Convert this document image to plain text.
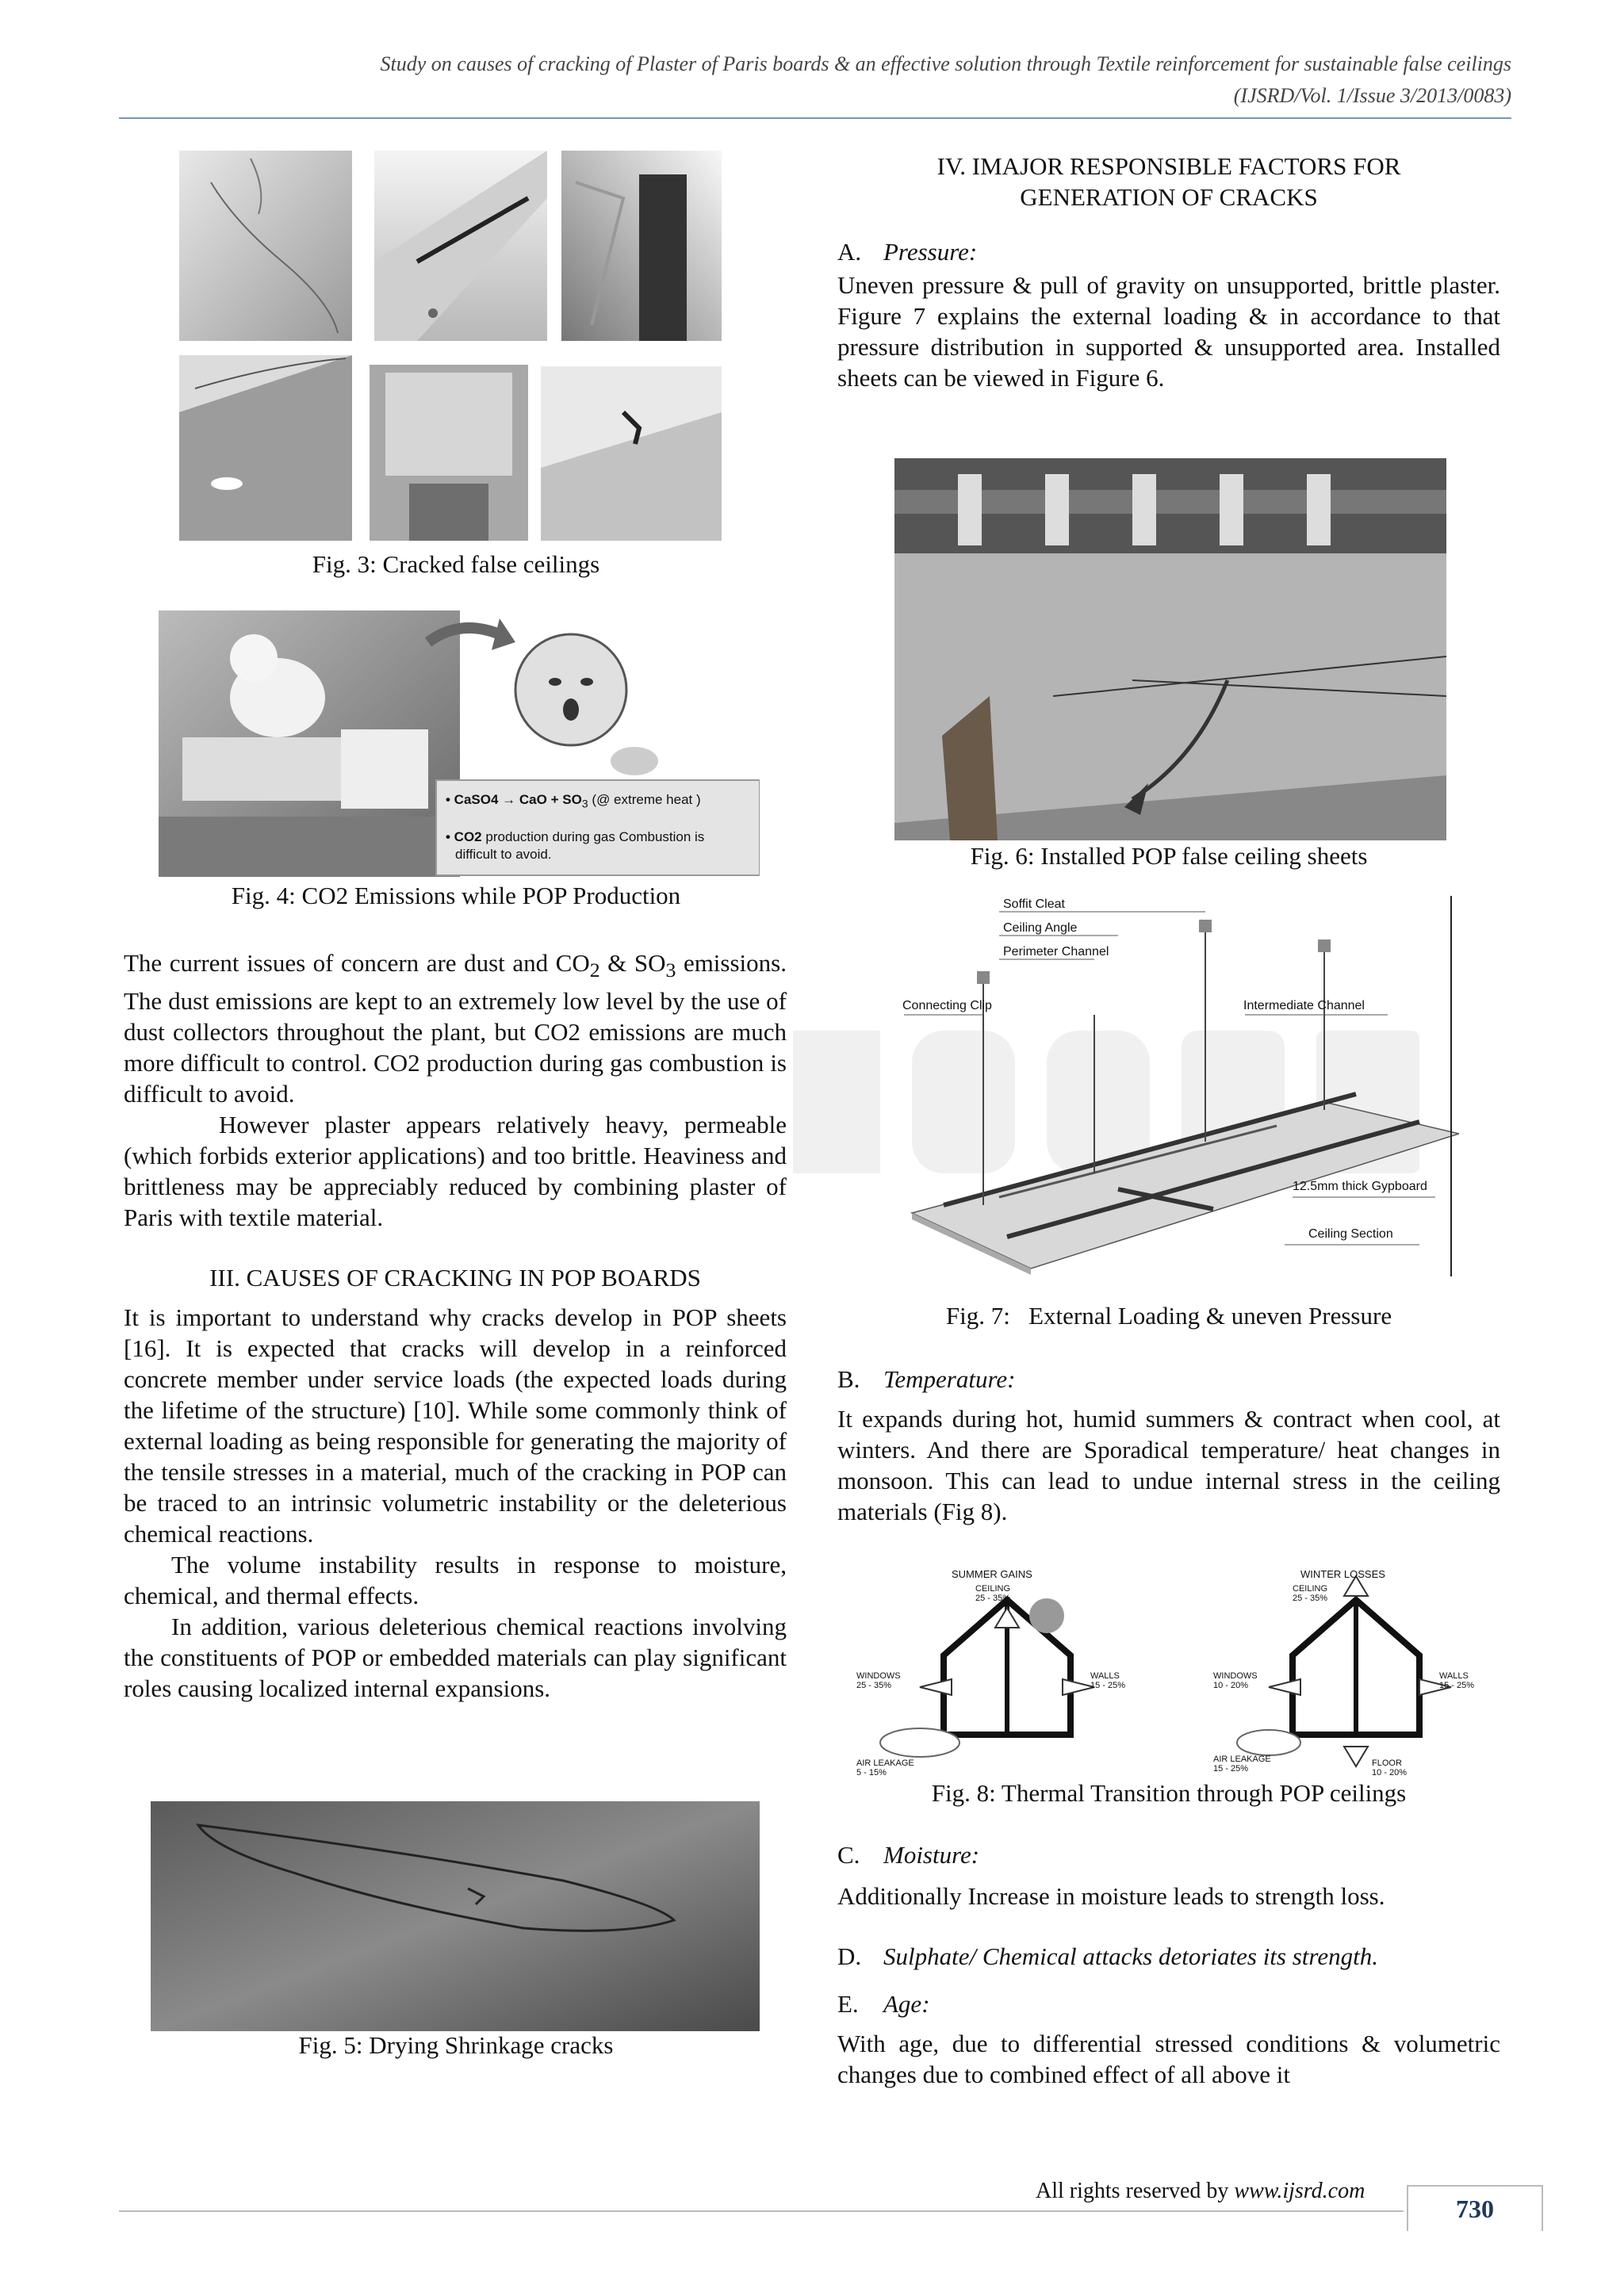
Study on causes of cracking of Plaster of Paris boards & an effective solution through Textile reinforcement for sustainable false ceilings
(IJSRD/Vol. 1/Issue 3/2013/0083)
Fig. 3: Cracked false ceilings
• CaSO4 → CaO + $SO_3$ (@ extreme heat )
• CO2 production during gas Combustion is
difficult to avoid.
Fig. 4: CO2 Emissions while POP Production

The current issues of concern are dust and $CO_2$ & $SO_3$ emissions. The dust emissions are kept to an extremely low level by the use of dust collectors throughout the plant, but CO2 emissions are much more difficult to control. CO2 production during gas combustion is difficult to avoid.

However plaster appears relatively heavy, permeable (which forbids exterior applications) and too brittle. Heaviness and brittleness may be appreciably reduced by combining plaster of Paris with textile material.

III. CAUSES OF CRACKING IN POP BOARDS

It is important to understand why cracks develop in POP sheets [16]. It is expected that cracks will develop in a reinforced concrete member under service loads (the expected loads during the lifetime of the structure) [10]. While some commonly think of external loading as being responsible for generating the majority of the tensile stresses in a material, much of the cracking in POP can be traced to an intrinsic volumetric instability or the deleterious chemical reactions.

The volume instability results in response to moisture, chemical, and thermal effects.

In addition, various deleterious chemical reactions involving the constituents of POP or embedded materials can play significant roles causing localized internal expansions.

Fig. 5: Drying Shrinkage cracks
IV. IMAJOR RESPONSIBLE FACTORS FOR
GENERATION OF CRACKS
A. Pressure:
Uneven pressure & pull of gravity on unsupported, brittle plaster. Figure 7 explains the external loading & in accordance to that pressure distribution in supported & unsupported area. Installed sheets can be viewed in Figure 6.
Fig. 6: Installed POP false ceiling sheets
Soffit Cleat
Ceiling Angle
Perimeter Channel
Connecting Clip	Intermediate Channel
12.5mm thick Gypboard
Ceiling Section
Fig. 7:   External Loading & uneven Pressure
B. Temperature:
It expands during hot, humid summers & contract when cool, at winters. And there are Sporadical temperature/ heat changes in monsoon. This can lead to undue internal stress in the ceiling materials (Fig 8).
SUMMER GAINS	WINTER LOSSES
CEILING
25 - 35%
CEILING
25 - 35%
WINDOWS
25 - 35%
WINDOWS
10 - 20%
WALLS
15 - 25%
WALLS
15 - 25%
AIR LEAKAGE
5 - 15%
AIR LEAKAGE
15 - 25%
FLOOR
10 - 20%
Fig. 8: Thermal Transition through POP ceilings
C. Moisture:
Additionally Increase in moisture leads to strength loss.
D. Sulphate/ Chemical attacks detoriates its strength.
E. Age:
With age, due to differential stressed conditions & volumetric changes due to combined effect of all above it
All rights reserved by www.ijsrd.com
730
